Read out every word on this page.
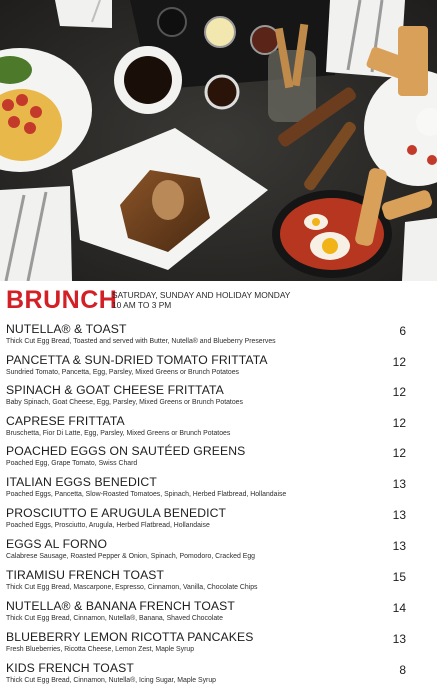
BRUNCH
SATURDAY, SUNDAY AND HOLIDAY MONDAY
10 AM TO 3 PM
NUTELLA® & TOAST
Thick Cut Egg Bread, Toasted and served with Butter, Nutella® and Blueberry Preserves
6
PANCETTA & SUN-DRIED TOMATO FRITTATA
Sundried Tomato, Pancetta, Egg, Parsley, Mixed Greens or Brunch Potatoes
12
SPINACH & GOAT CHEESE FRITTATA
Baby Spinach, Goat Cheese, Egg, Parsley, Mixed Greens or Brunch Potatoes
12
CAPRESE FRITTATA
Bruschetta, Fior Di Latte, Egg, Parsley, Mixed Greens or Brunch Potatoes
12
POACHED EGGS ON SAUTÉED GREENS
Poached Egg, Grape Tomato, Swiss Chard
12
ITALIAN EGGS BENEDICT
Poached Eggs, Pancetta, Slow-Roasted Tomatoes, Spinach, Herbed Flatbread, Hollandaise
13
PROSCIUTTO E ARUGULA BENEDICT
Poached Eggs, Prosciutto, Arugula, Herbed Flatbread, Hollandaise
13
EGGS AL FORNO
Calabrese Sausage, Roasted Pepper & Onion, Spinach, Pomodoro, Cracked Egg
13
TIRAMISU FRENCH TOAST
Thick Cut Egg Bread, Mascarpone, Espresso, Cinnamon, Vanilla, Chocolate Chips
15
NUTELLA® & BANANA FRENCH TOAST
Thick Cut Egg Bread, Cinnamon, Nutella®, Banana, Shaved Chocolate
14
BLUEBERRY LEMON RICOTTA PANCAKES
Fresh Blueberries, Ricotta Cheese, Lemon Zest, Maple Syrup
13
KIDS FRENCH TOAST
Thick Cut Egg Bread, Cinnamon, Nutella®, Icing Sugar, Maple Syrup
8
